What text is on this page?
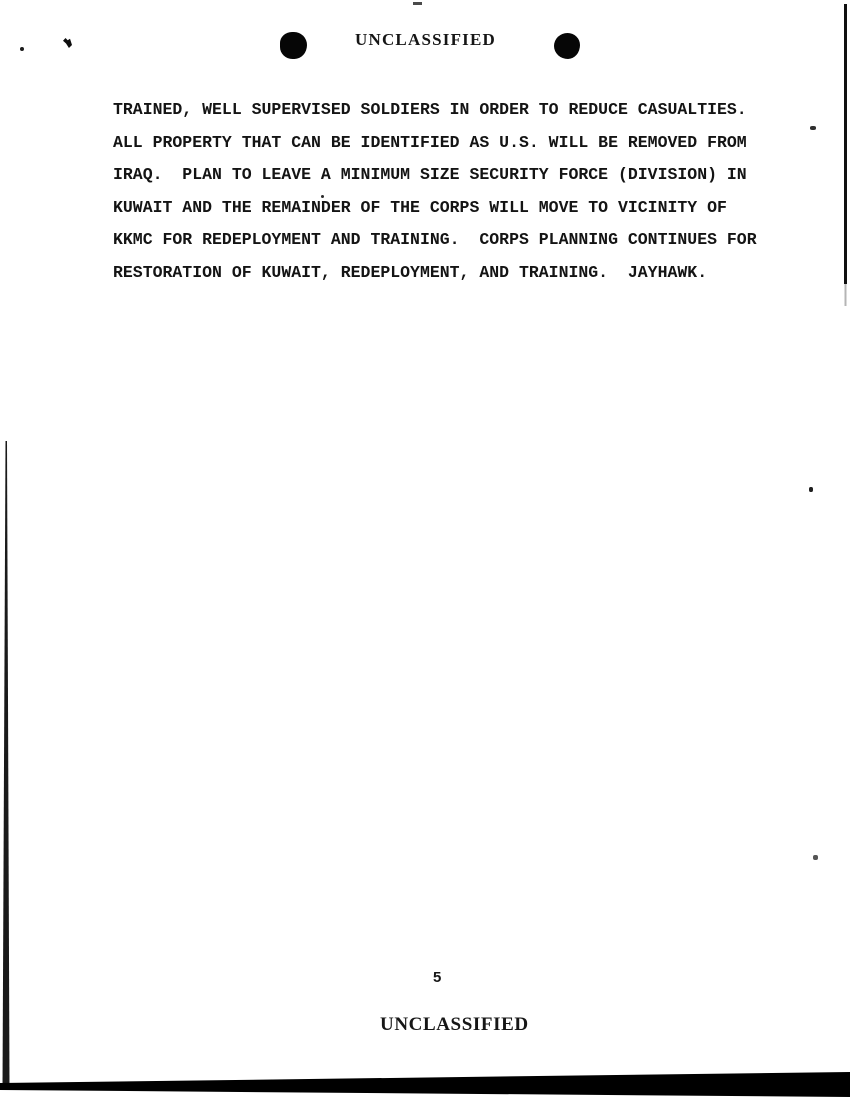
UNCLASSIFIED
TRAINED, WELL SUPERVISED SOLDIERS IN ORDER TO REDUCE CASUALTIES.
ALL PROPERTY THAT CAN BE IDENTIFIED AS U.S. WILL BE REMOVED FROM
IRAQ.  PLAN TO LEAVE A MINIMUM SIZE SECURITY FORCE (DIVISION) IN
KUWAIT AND THE REMAINDER OF THE CORPS WILL MOVE TO VICINITY OF
KKMC FOR REDEPLOYMENT AND TRAINING.  CORPS PLANNING CONTINUES FOR
RESTORATION OF KUWAIT, REDEPLOYMENT, AND TRAINING.  JAYHAWK.
5
UNCLASSIFIED
